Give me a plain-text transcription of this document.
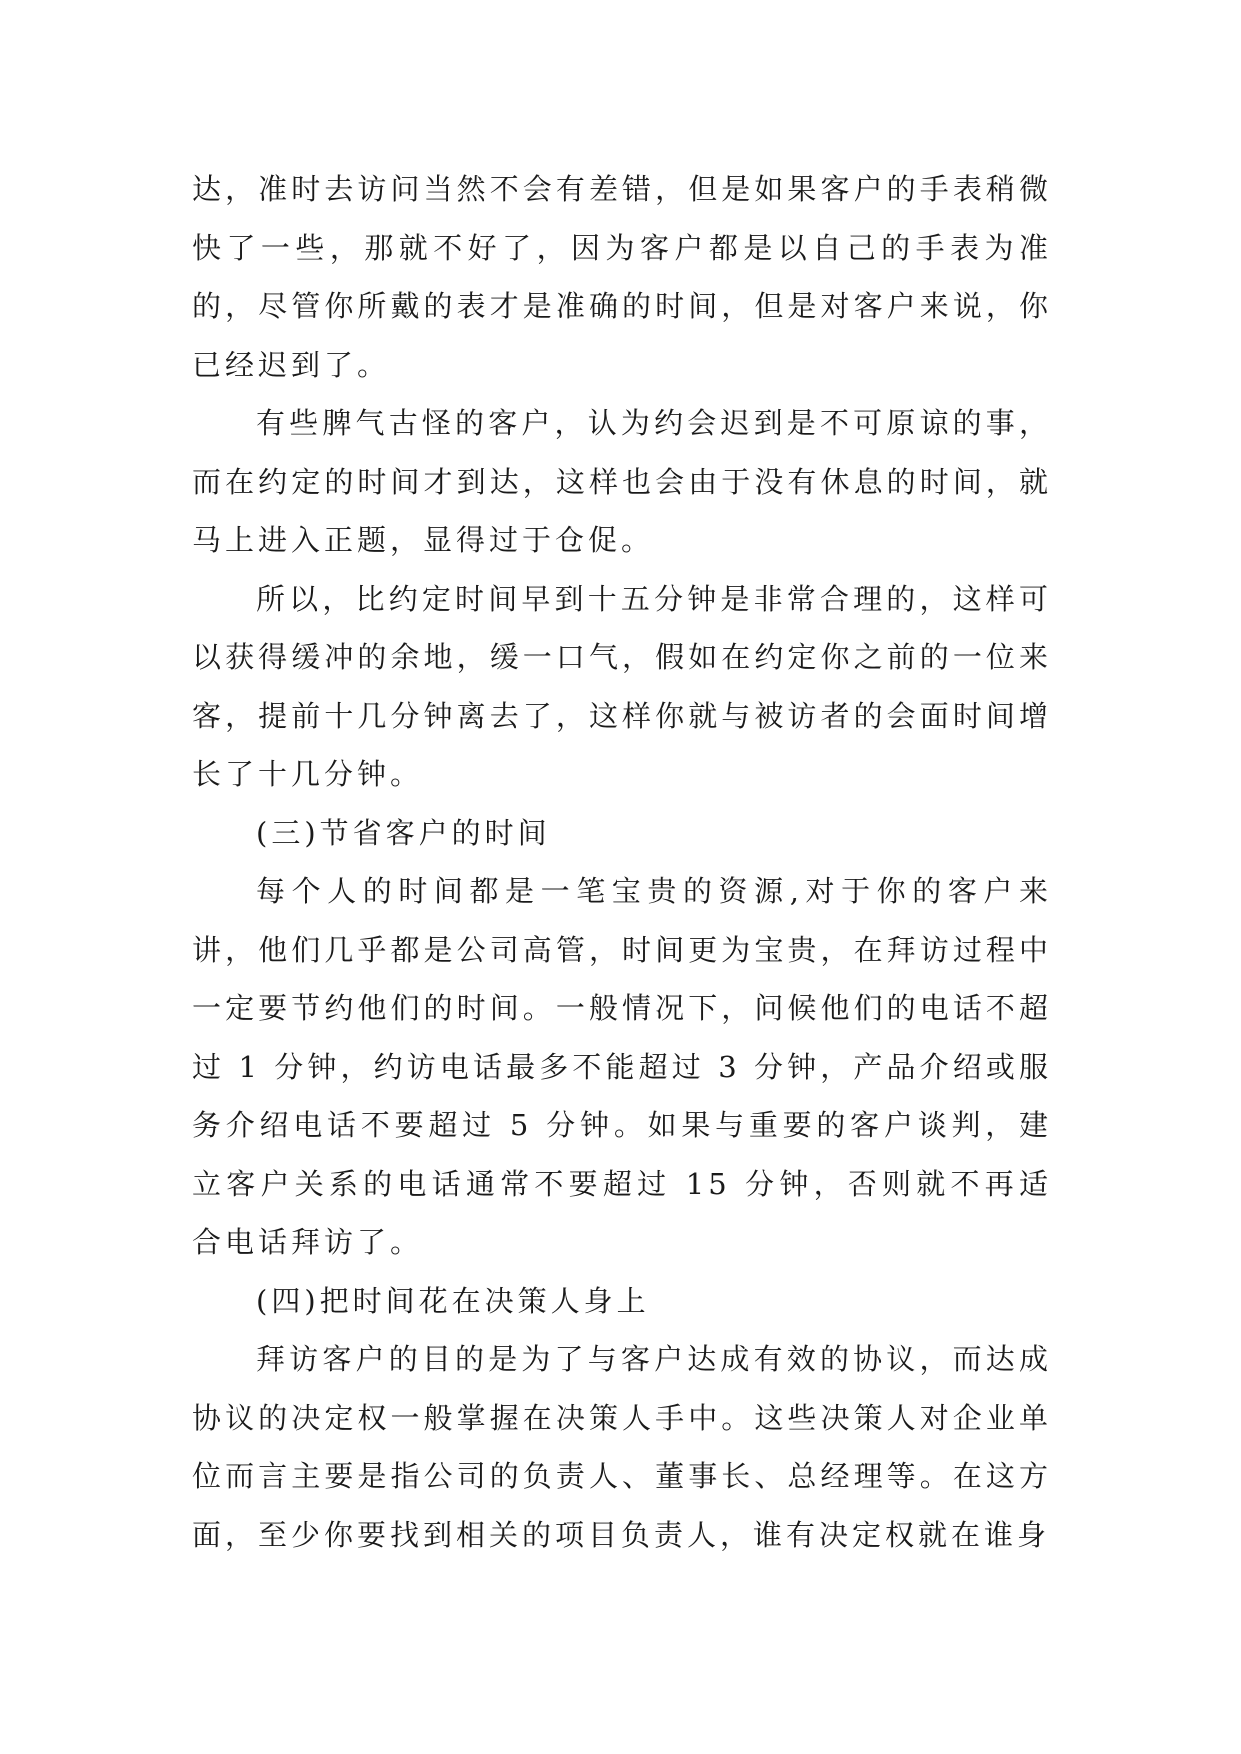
达，准时去访问当然不会有差错，但是如果客户的手表稍微快了一些，那就不好了，因为客户都是以自己的手表为准的，尽管你所戴的表才是准确的时间，但是对客户来说，你已经迟到了。

有些脾气古怪的客户，认为约会迟到是不可原谅的事，而在约定的时间才到达，这样也会由于没有休息的时间，就马上进入正题，显得过于仓促。

所以，比约定时间早到十五分钟是非常合理的，这样可以获得缓冲的余地，缓一口气，假如在约定你之前的一位来客，提前十几分钟离去了，这样你就与被访者的会面时间增长了十几分钟。

(三)节省客户的时间

每个人的时间都是一笔宝贵的资源,对于你的客户来讲，他们几乎都是公司高管，时间更为宝贵，在拜访过程中一定要节约他们的时间。一般情况下，问候他们的电话不超过 1 分钟，约访电话最多不能超过 3 分钟，产品介绍或服务介绍电话不要超过 5 分钟。如果与重要的客户谈判，建立客户关系的电话通常不要超过 15 分钟，否则就不再适合电话拜访了。

(四)把时间花在决策人身上

拜访客户的目的是为了与客户达成有效的协议，而达成协议的决定权一般掌握在决策人手中。这些决策人对企业单位而言主要是指公司的负责人、董事长、总经理等。在这方面，至少你要找到相关的项目负责人，谁有决定权就在谁身
